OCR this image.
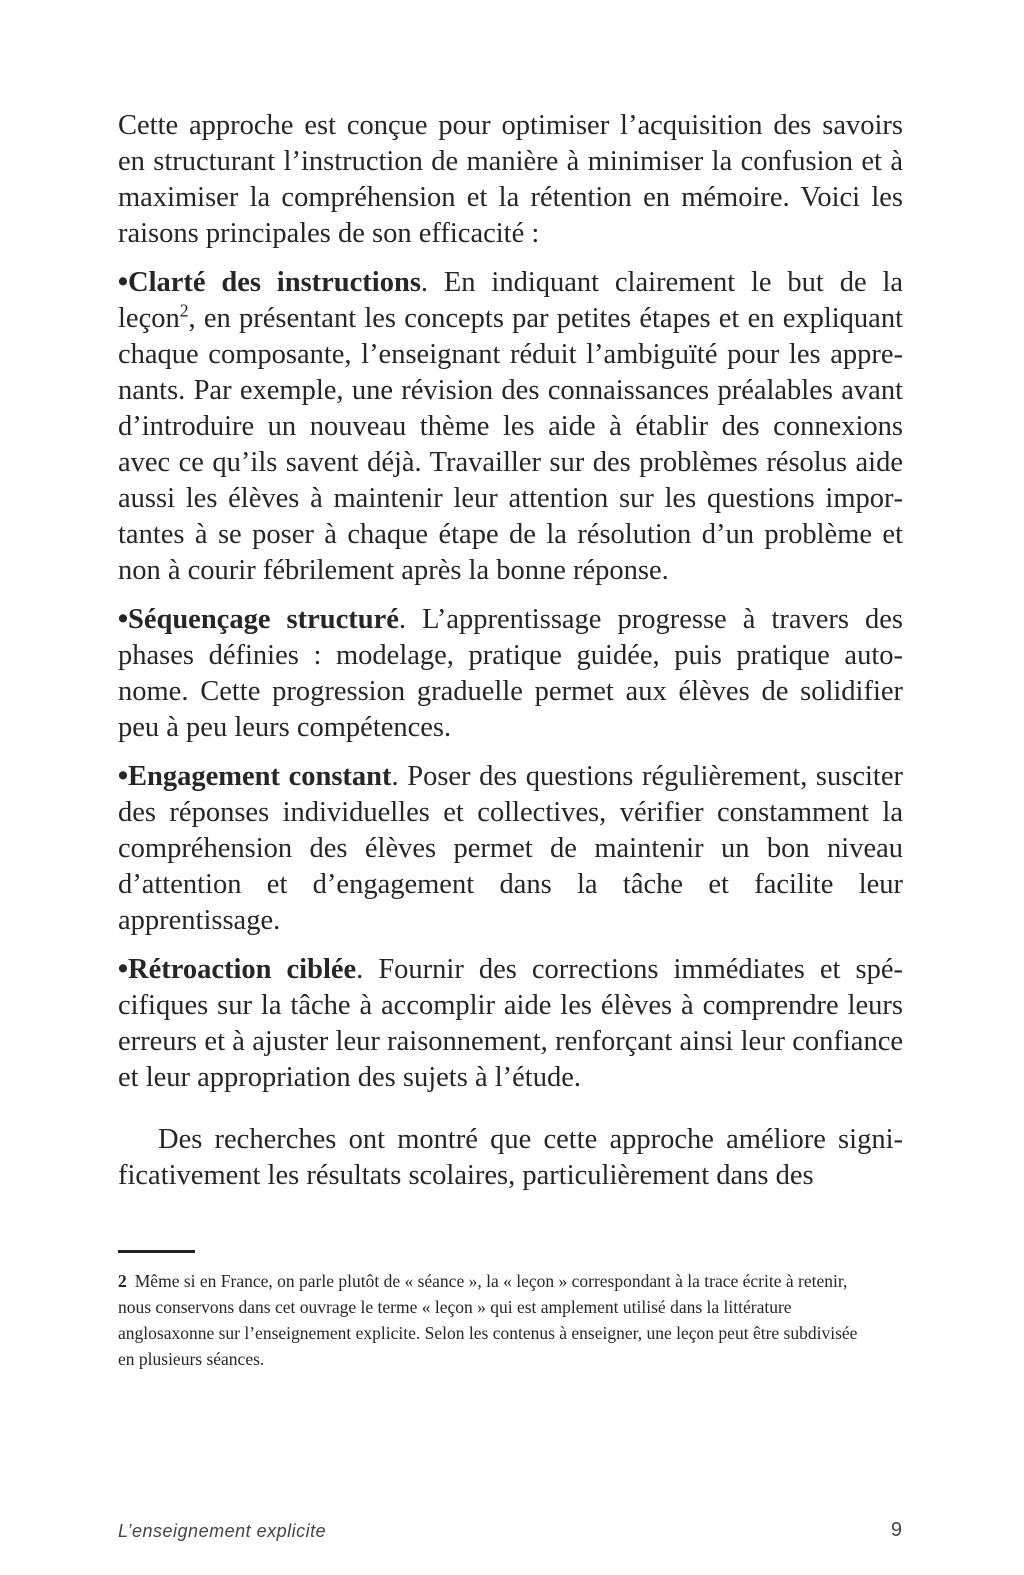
Cette approche est conçue pour optimiser l’acquisition des savoirs en structurant l’instruction de manière à minimiser la confusion et à maximiser la compréhension et la rétention en mémoire. Voici les raisons principales de son efficacité :

•Clarté des instructions. En indiquant clairement le but de la leçon$^2$, en présentant les concepts par petites étapes et en expliquant chaque composante, l’enseignant réduit l’ambiguïté pour les apprenants. Par exemple, une révision des connaissances préalables avant d’introduire un nouveau thème les aide à établir des connexions avec ce qu’ils savent déjà. Travailler sur des problèmes résolus aide aussi les élèves à maintenir leur attention sur les questions importantes à se poser à chaque étape de la résolution d’un problème et non à courir fébrilement après la bonne réponse.

•Séquençage structuré. L’apprentissage progresse à travers des phases définies : modelage, pratique guidée, puis pratique autonome. Cette progression graduelle permet aux élèves de solidifier peu à peu leurs compétences.

•Engagement constant. Poser des questions régulièrement, susciter des réponses individuelles et collectives, vérifier constamment la compréhension des élèves permet de maintenir un bon niveau d’attention et d’engagement dans la tâche et facilite leur apprentissage.

•Rétroaction ciblée. Fournir des corrections immédiates et spécifiques sur la tâche à accomplir aide les élèves à comprendre leurs erreurs et à ajuster leur raisonnement, renforçant ainsi leur confiance et leur appropriation des sujets à l’étude.

Des recherches ont montré que cette approche améliore significativement les résultats scolaires, particulièrement dans des

2 Même si en France, on parle plutôt de « séance », la « leçon » correspondant à la trace écrite à retenir, nous conservons dans cet ouvrage le terme « leçon » qui est amplement utilisé dans la littérature anglosaxonne sur l’enseignement explicite. Selon les contenus à enseigner, une leçon peut être subdivisée en plusieurs séances.
L’enseignement explicite	9
